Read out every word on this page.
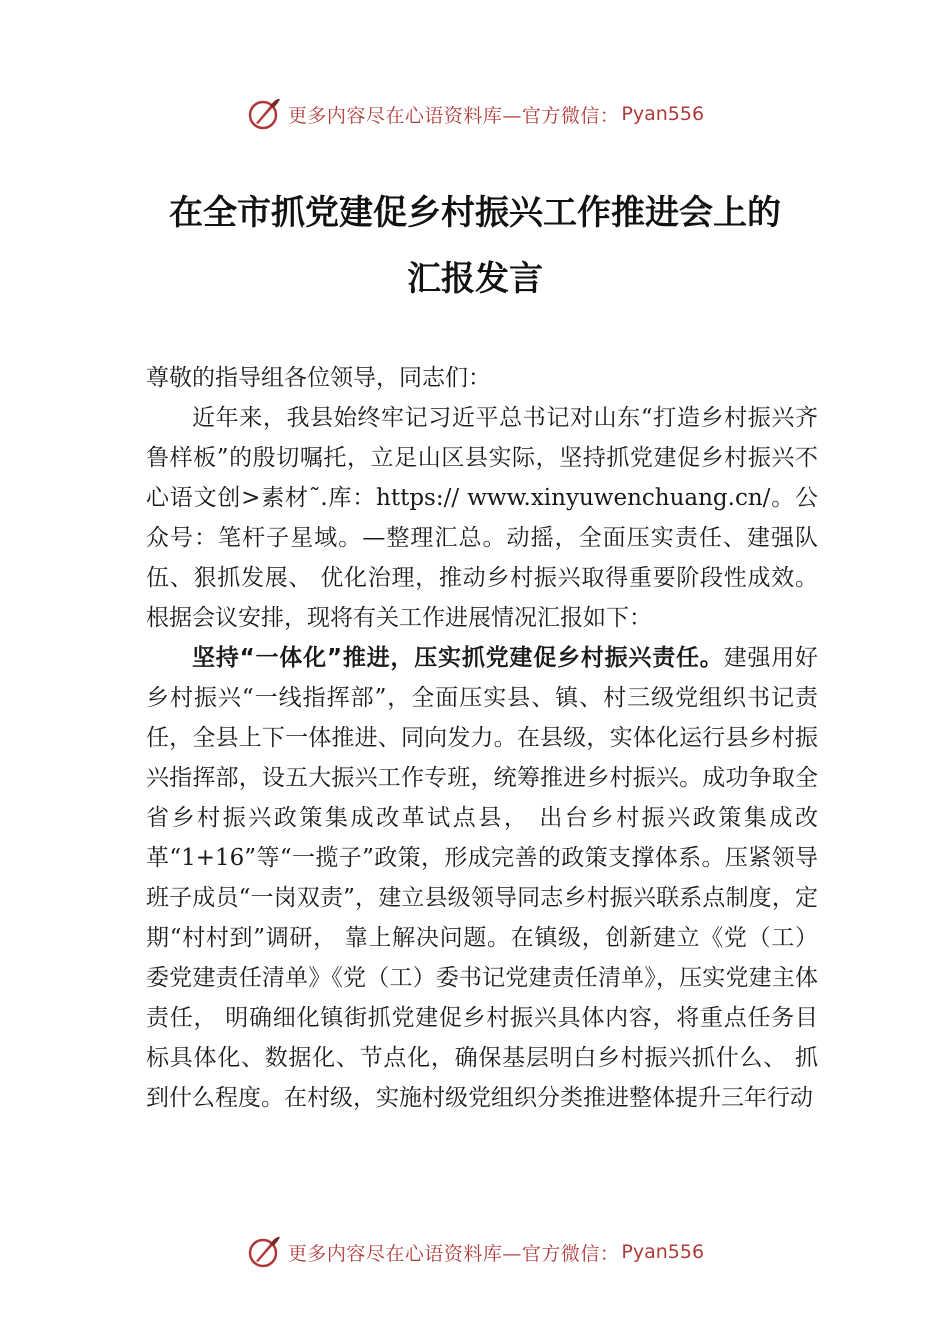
更多内容尽在心语资料库—官方微信： Pyan556
在全市抓党建促乡村振兴工作推进会上的
汇报发言

尊敬的指导组各位领导，同志们：

近年来，我县始终牢记习近平总书记对山东“打造乡村振兴齐鲁样板”的殷切嘱托，立足山区县实际，坚持抓党建促乡村振兴不心语文创>素材˜.库：https:// www.xinyuwenchuang.cn/。公众号：笔杆子星域。—整理汇总。动摇，全面压实责任、建强队伍、狠抓发展、 优化治理，推动乡村振兴取得重要阶段性成效。根据会议安排，现将有关工作进展情况汇报如下：

坚持“一体化”推进，压实抓党建促乡村振兴责任。建强用好乡村振兴“一线指挥部”，全面压实县、镇、村三级党组织书记责任，全县上下一体推进、同向发力。在县级，实体化运行县乡村振兴指挥部，设五大振兴工作专班，统筹推进乡村振兴。成功争取全省乡村振兴政策集成改革试点县， 出台乡村振兴政策集成改革“1+16”等“一揽子”政策，形成完善的政策支撑体系。压紧领导班子成员“一岗双责”，建立县级领导同志乡村振兴联系点制度，定期“村村到”调研， 靠上解决问题。在镇级，创新建立《党（工）委党建责任清单》《党（工）委书记党建责任清单》，压实党建主体责任， 明确细化镇街抓党建促乡村振兴具体内容，将重点任务目标具体化、数据化、节点化，确保基层明白乡村振兴抓什么、 抓到什么程度。在村级，实施村级党组织分类推进整体提升三年行动

更多内容尽在心语资料库—官方微信： Pyan556
